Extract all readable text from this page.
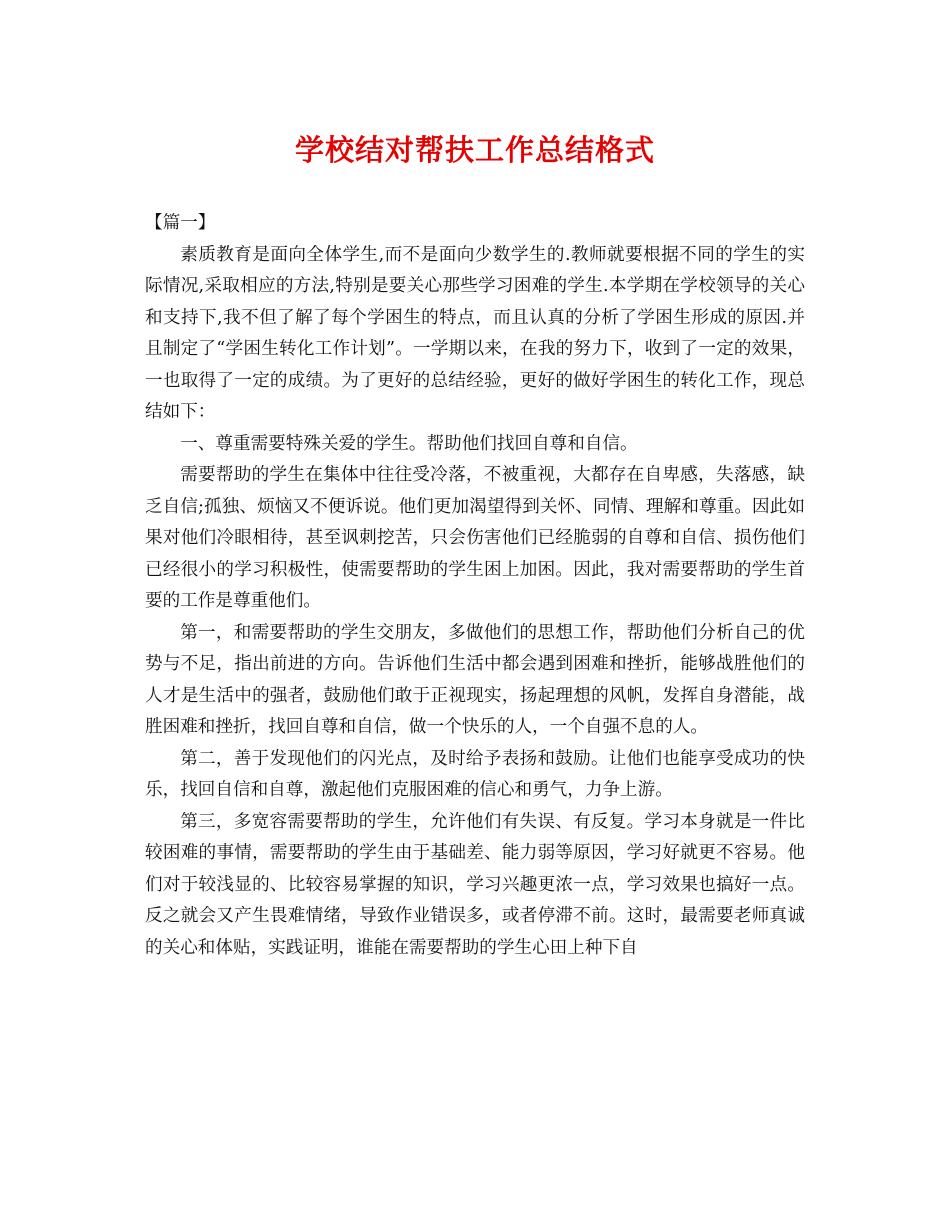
学校结对帮扶工作总结格式

【篇一】

素质教育是面向全体学生,而不是面向少数学生的.教师就要根据不同的学生的实际情况,采取相应的方法,特别是要关心那些学习困难的学生.本学期在学校领导的关心和支持下,我不但了解了每个学困生的特点，而且认真的分析了学困生形成的原因.并且制定了“学困生转化工作计划”。一学期以来，在我的努力下，收到了一定的效果，一也取得了一定的成绩。为了更好的总结经验，更好的做好学困生的转化工作，现总结如下：

一、尊重需要特殊关爱的学生。帮助他们找回自尊和自信。

需要帮助的学生在集体中往往受冷落，不被重视，大都存在自卑感，失落感，缺乏自信;孤独、烦恼又不便诉说。他们更加渴望得到关怀、同情、理解和尊重。因此如果对他们冷眼相待，甚至讽刺挖苦，只会伤害他们已经脆弱的自尊和自信、损伤他们已经很小的学习积极性，使需要帮助的学生困上加困。因此，我对需要帮助的学生首要的工作是尊重他们。

第一，和需要帮助的学生交朋友，多做他们的思想工作，帮助他们分析自己的优势与不足，指出前进的方向。告诉他们生活中都会遇到困难和挫折，能够战胜他们的人才是生活中的强者，鼓励他们敢于正视现实，扬起理想的风帆，发挥自身潜能，战胜困难和挫折，找回自尊和自信，做一个快乐的人，一个自强不息的人。

第二，善于发现他们的闪光点，及时给予表扬和鼓励。让他们也能享受成功的快乐，找回自信和自尊，激起他们克服困难的信心和勇气，力争上游。

第三，多宽容需要帮助的学生，允许他们有失误、有反复。学习本身就是一件比较困难的事情，需要帮助的学生由于基础差、能力弱等原因，学习好就更不容易。他们对于较浅显的、比较容易掌握的知识，学习兴趣更浓一点，学习效果也搞好一点。反之就会又产生畏难情绪，导致作业错误多，或者停滞不前。这时，最需要老师真诚的关心和体贴，实践证明，谁能在需要帮助的学生心田上种下自
